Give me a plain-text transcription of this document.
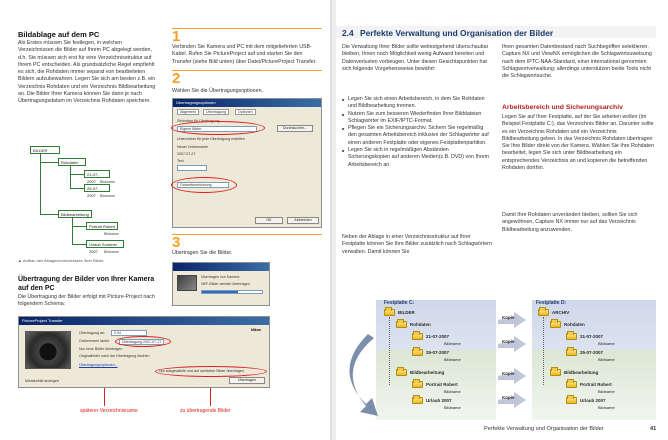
Bildablage auf dem PC
Als Erstes müssen Sie festlegen, in welchen Verzeichnissen die Bilder auf Ihrem PC abgelegt werden, d.h. Sie müssen sich erst für eine Verzeichnisstruktur auf Ihrem PC entscheiden. Als grundsätzliche Regel empfiehlt es sich, die Rohdaten immer separat von bearbeiteten Bildern aufzubewahren. Legen Sie sich am besten z.B. ein Verzeichnis Rohdaten und ein Verzeichnis Bildbearbeitung an. Die Bilder Ihrer Kamera können Sie dann je nach Übertragungsdatum im Verzeichnis Rohdaten speichern.
BILDER
Rohdaten
21-07-2007	Bildname
25-07-2007	Bildname
Bildbearbeitung
Portrait Robert
Bildname
Urlaub Sommer 2007	Bildname
▲ Aufbau des Ablageverzeichnisses Ihrer Bilder.
Übertragung der Bilder von Ihrer Kamera auf den PC
Die Übertragung der Bilder erfolgt mit Picture-Project nach folgendem Schema:
1
Verbinden Sie Kamera und PC mit dem mitgelieferten USB-Kabel. Rufen Sie PictureProject auf und starten Sie den Transfer (siehe Bild unten) über Datei/PictureProject Transfer.
2
Wählen Sie die Übertragungsoptionen.
Übertragungsoptionen
Allgemein	Übertragung	Optionen
Zielordner für Übertragung
Eigene Bilder	Durchsuchen...
Unterordner für jede Übertragung erstellen
Neuer Ordnername
2007-07-27
Text
Ordnerbezeichnung
OK	Abbrechen
3
Übertragen Sie die Bilder.
Übertragen von Kamera
NEF-Bilder werden übertragen
PictureProject Transfer
Nikon
Übertragung an:	2.04
Ordnername lautet	Übertragung 2007-07-27
Nur neue Bilder übertragen
Originalbilder nach der Übertragung löschen
Übertragungsoptionen...
Nur ausgewählte und auf schützten Bilder übertragen
Übertragen
Miniaturbild anzeigen
späterer Verzeichnisname	zu übertragende Bilder
2.4 Perfekte Verwaltung und Organisation der Bilder
Die Verwaltung Ihrer Bilder sollte weitestgehend überschaubar bleiben, Ihnen noch Möglichkeit wenig Aufwand bereiten und Datenverlusten vorbeugen. Unter diesen Gesichtspunkten hat sich folgende Vorgehensweise bewährt:
■ Legen Sie sich einen Arbeitsbereich, in dem Sie Rohdaten und Bildbearbeitung trennen.
■ Nutzen Sie zum besseren Wiederfinden Ihrer Bilddateien Schlagwörter im EXIF/IPTC-Format.
■ Pflegen Sie ein Sicherungsarchiv. Sichern Sie regelmäßig den gesamten Arbeitsbereich inklusive der Schlagwörter auf einen anderen Festplatte oder eigenes Festplattenpartition.
■ Legen Sie sich in regelmäßigen Abständen Sicherungskopien auf anderen Medien(z.B. DVD) von Ihrem Arbeitsbereich an.
Neben der Ablage in einer Verzeichnisstruktur auf Ihrer Festplatte können Sie Ihre Bilder zusätzlich nach Schlagwörtern verwalten. Damit können Sie
Ihren gesamten Datenbestand nach Suchbegriffen selektieren. Capture NX und ViewNX ermöglichen die Schlagwortzuweisung nach dem IPTC-NAA-Standard, einer international genormten Schlagwortverwaltung; allerdings unterstützen beide Tools nicht die Schlagwortsuche.
Arbeitsbereich und Sicherungsarchiv
Legen Sie auf Ihrer Festplatte, auf der Sie arbeiten wollen (im Beispiel Festplatte C:), das Verzeichnis Bilder an. Darunter sollte es ein Verzeichnis Rohdaten und ein Verzeichnis Bildbearbeitung geben. In das Verzeichnis Rohdaten übertragen Sie Ihre Bilder direkt von der Kamera. Wählen Sie Ihre Rohdaten bearbeitet, legen Sie sich unter Bildbearbeitung ein entsprechendes Verzeichnis an und kopieren die betreffenden Rohdaten dorthin.
Damit Ihre Rohdaten unverändert bleiben, sollten Sie sich angewöhnen, Capture NX immer nur auf das Verzeichnis Bildbearbeitung anzuwenden.
Festplatte C:	Festplatte D:
BILDER
Rohdaten
21-07-2007
Bildname
25-07-2007
Bildname
Bildbearbeitung
Portrait Robert
Bildname
Urlaub 2007
Bildname
Kopie
Kopie
Kopie
Kopie
ARCHIV
Rohdaten
21-07-2007
Bildname
25-07-2007
Bildname
Bildbearbeitung
Portrait Robert
Bildname
Urlaub 2007
Bildname
Perfekte Verwaltung und Organisation der Bilder	41
